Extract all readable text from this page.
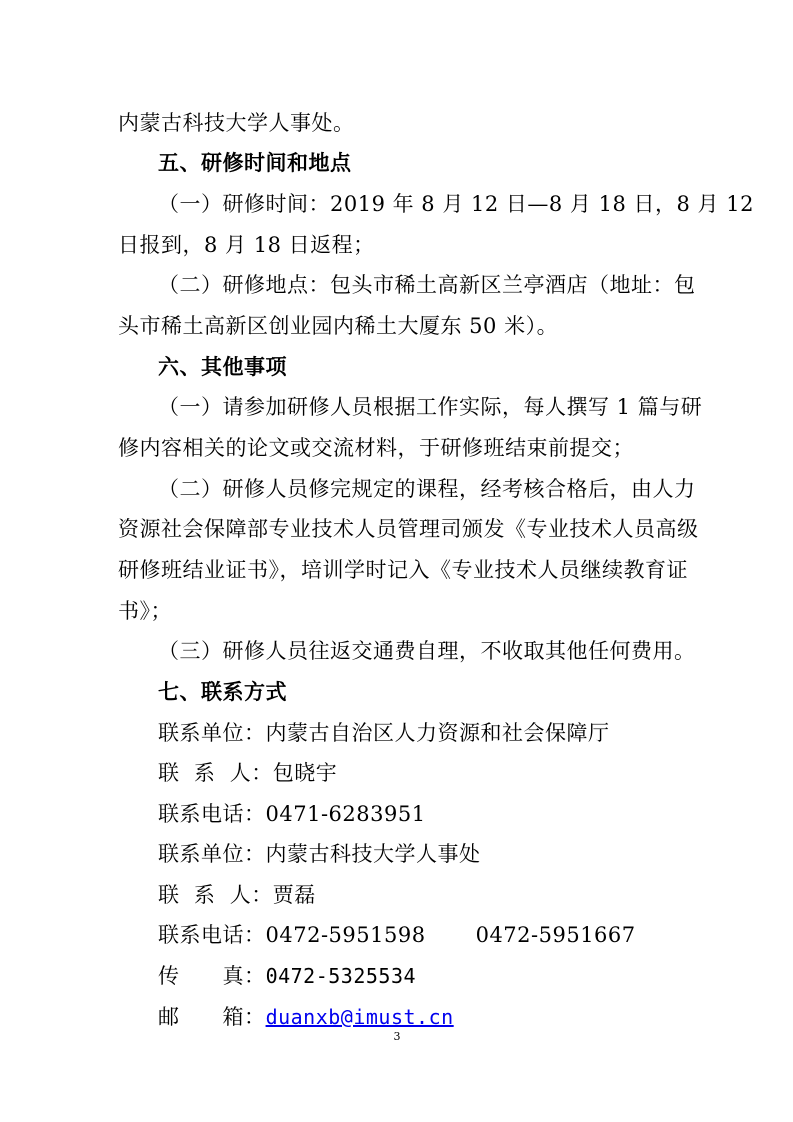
内蒙古科技大学人事处。
五、研修时间和地点
（一）研修时间：2019 年 8 月 12 日—8 月 18 日，8 月 12
日报到，8 月 18 日返程；
（二）研修地点：包头市稀土高新区兰亭酒店（地址：包
头市稀土高新区创业园内稀土大厦东 50 米）。
六、其他事项
（一）请参加研修人员根据工作实际，每人撰写 1 篇与研
修内容相关的论文或交流材料，于研修班结束前提交；
（二）研修人员修完规定的课程，经考核合格后，由人力
资源社会保障部专业技术人员管理司颁发《专业技术人员高级
研修班结业证书》，培训学时记入《专业技术人员继续教育证
书》；
（三）研修人员往返交通费自理，不收取其他任何费用。
七、联系方式
联系单位：内蒙古自治区人力资源和社会保障厅
联  系  人：包晓宇
联系电话：0471-6283951
联系单位：内蒙古科技大学人事处
联  系  人：贾磊
联系电话：0472-5951598 0472-5951667
传      真：0472-5325534
邮      箱：duanxb@imust.cn
3
